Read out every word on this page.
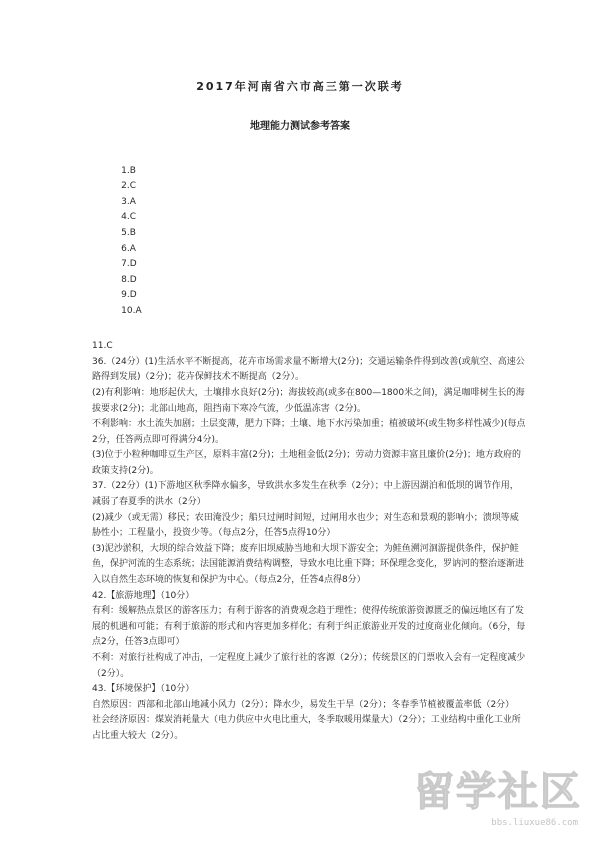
2017年河南省六市高三第一次联考
地理能力测试参考答案

1.B
2.C
3.A
4.C
5.B
6.A
7.D
8.D
9.D
10.A

11.C

36.（24分）(1)生活水平不断提高，花卉市场需求量不断增大(2分)；交通运输条件得到改善(或航空、高速公路得到发展)（2分)；花卉保鲜技术不断提高（2分）。

(2)有利影响：地形起伏大，土壤排水良好(2分)；海拔较高(或多在800—1800米之间)，满足咖啡树生长的海拔要求(2分)；北部山地高，阻挡南下寒冷气流，少低温冻害（2分)。

不利影响：水土流失加剧；土层变薄，肥力下降；土壤、地下水污染加重；植被破坏(或生物多样性减少)(每点2分，任答两点即可得满分4分)。

(3)位于小粒种咖啡豆生产区，原料丰富(2分)；土地租金低(2分)；劳动力资源丰富且廉价(2分)；地方政府的政策支持(2分)。

37.（22分）(1)下游地区秋季降水偏多，导致洪水多发生在秋季（2分）；中上游因湖泊和低坝的调节作用，减弱了春夏季的洪水（2分）

(2)减少（或无需）移民；农田淹没少；船只过闸时间短，过闸用水也少；对生态和景观的影响小；溃坝等威胁性小；工程量小，投资少等。（每点2分，任答5点得10分）

(3)泥沙淤积，大坝的综合效益下降；废弃旧坝威胁当地和大坝下游安全；为鲑鱼溯河洄游提供条件，保护鲑鱼，保护河流的生态系统；法国能源消费结构调整，导致水电比重下降；环保理念变化，罗讷河的整治逐渐进入以自然生态环境的恢复和保护为中心。（每点2分，任答4点得8分）

42.【旅游地理】（10分）

有利：缓解热点景区的游客压力；有利于游客的消费观念趋于理性；使得传统旅游资源匮乏的偏远地区有了发展的机遇和可能；有利于旅游的形式和内容更加多样化；有利于纠正旅游业开发的过度商业化倾向。（6分，每点2分，任答3点即可）

不利：对旅行社构成了冲击，一定程度上减少了旅行社的客源（2分）；传统景区的门票收入会有一定程度减少（2分）。

43.【环境保护】（10分）

自然原因：西部和北部山地减小风力（2分）；降水少，易发生干旱（2分）；冬春季节植被覆盖率低（2分）

社会经济原因：煤炭消耗量大（电力供应中火电比重大，冬季取暖用煤量大）（2分）；工业结构中重化工业所占比重大较大（2分）。

留学社区
bbs.liuxue86.com
